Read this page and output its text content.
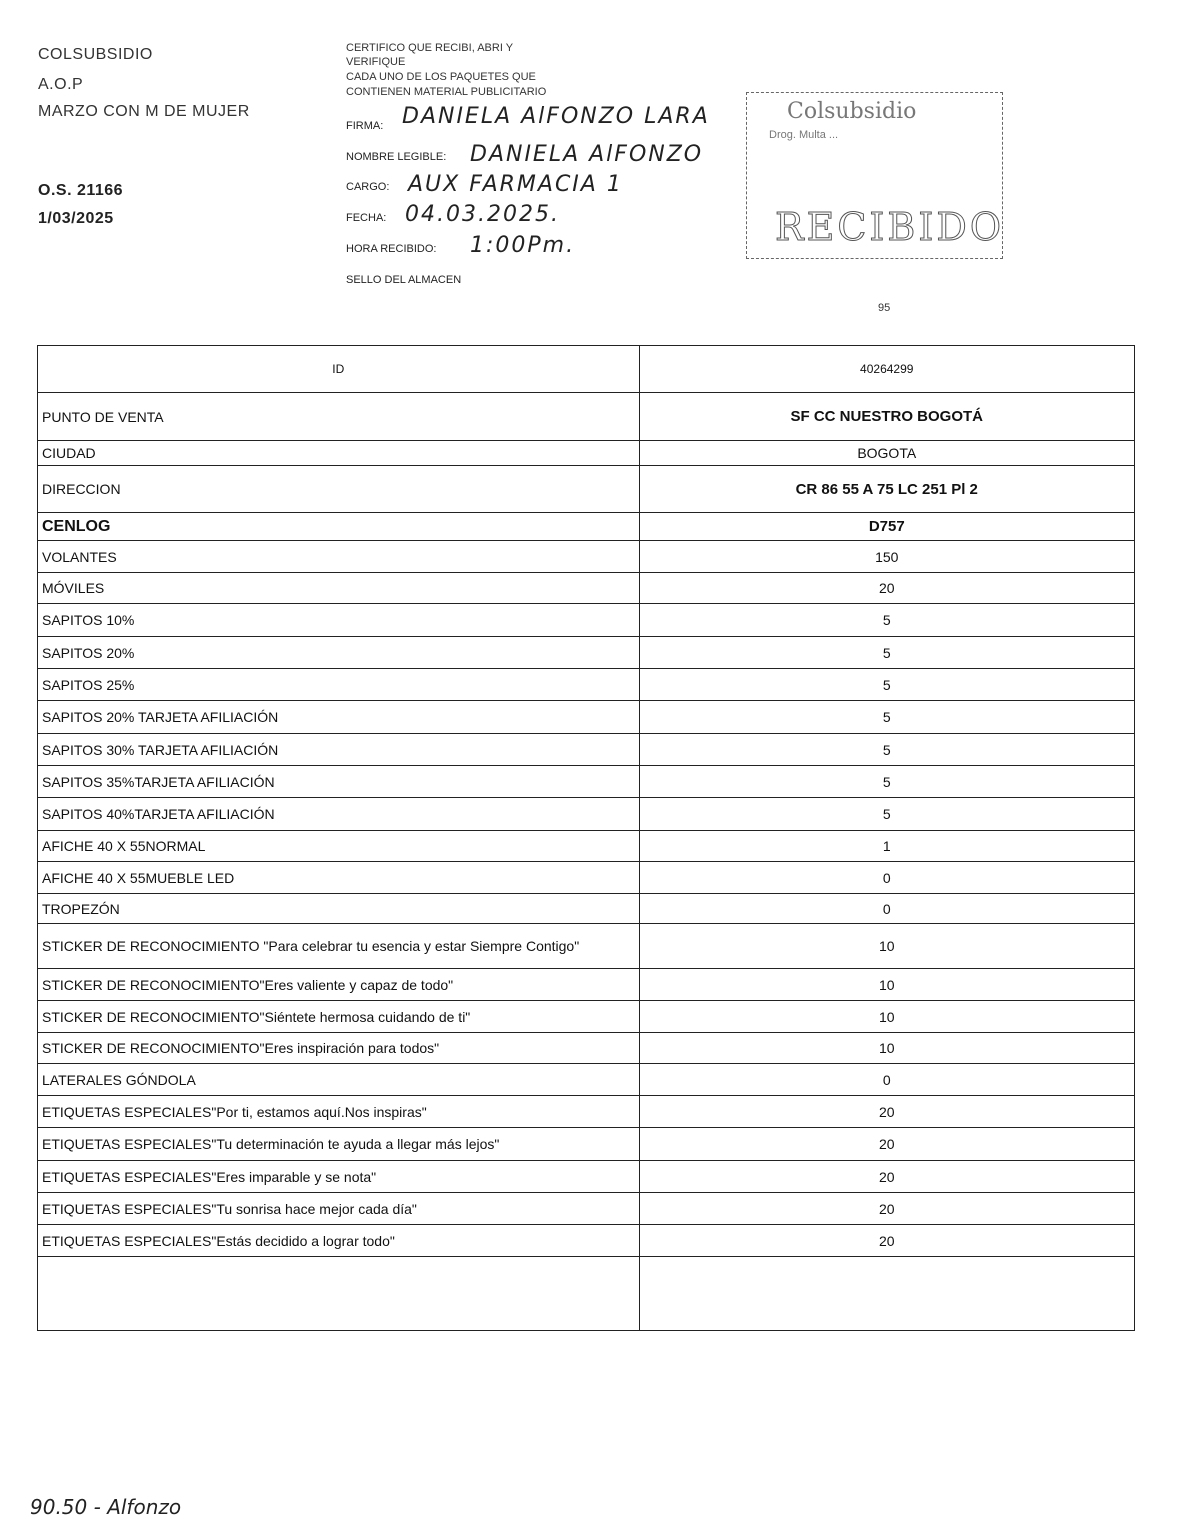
COLSUBSIDIO
A.O.P
MARZO CON M DE MUJER
O.S. 21166
1/03/2025
CERTIFICO QUE RECIBI, ABRI Y
VERIFIQUE
CADA UNO DE LOS PAQUETES QUE
CONTIENEN MATERIAL PUBLICITARIO
FIRMA: DANIELA AlFONZO LARA
NOMBRE LEGIBLE: DANIELA AlFONZO
CARGO: AUX FARMACIA 1
FECHA: 04.03.2025.
HORA RECIBIDO: 1:00Pm.
SELLO DEL ALMACEN
Colsubsidio
Drog. Multa ...
RECIBIDO
95
ID	40264299
PUNTO DE VENTA	SF CC NUESTRO BOGOTÁ
CIUDAD	BOGOTA
DIRECCION	CR 86 55 A 75 LC 251 Pl 2
CENLOG	D757
VOLANTES	150
MÓVILES	20
SAPITOS 10%	5
SAPITOS 20%	5
SAPITOS 25%	5
SAPITOS 20% TARJETA AFILIACIÓN	5
SAPITOS 30% TARJETA AFILIACIÓN	5
SAPITOS 35%TARJETA AFILIACIÓN	5
SAPITOS 40%TARJETA AFILIACIÓN	5
AFICHE 40 X 55NORMAL	1
AFICHE 40 X 55MUEBLE LED	0
TROPEZÓN	0
STICKER DE RECONOCIMIENTO "Para celebrar tu esencia y estar Siempre Contigo"	10
STICKER DE RECONOCIMIENTO"Eres valiente y capaz de todo"	10
STICKER DE RECONOCIMIENTO"Siéntete hermosa cuidando de ti"	10
STICKER DE RECONOCIMIENTO"Eres inspiración para todos"	10
LATERALES GÓNDOLA	0
ETIQUETAS ESPECIALES"Por ti, estamos aquí.Nos inspiras"	20
ETIQUETAS ESPECIALES"Tu determinación te ayuda a llegar más lejos"	20
ETIQUETAS ESPECIALES"Eres imparable y se nota"	20
ETIQUETAS ESPECIALES"Tu sonrisa hace mejor cada día"	20
ETIQUETAS ESPECIALES"Estás decidido a lograr todo"	20

90.50 - Alfonzo
